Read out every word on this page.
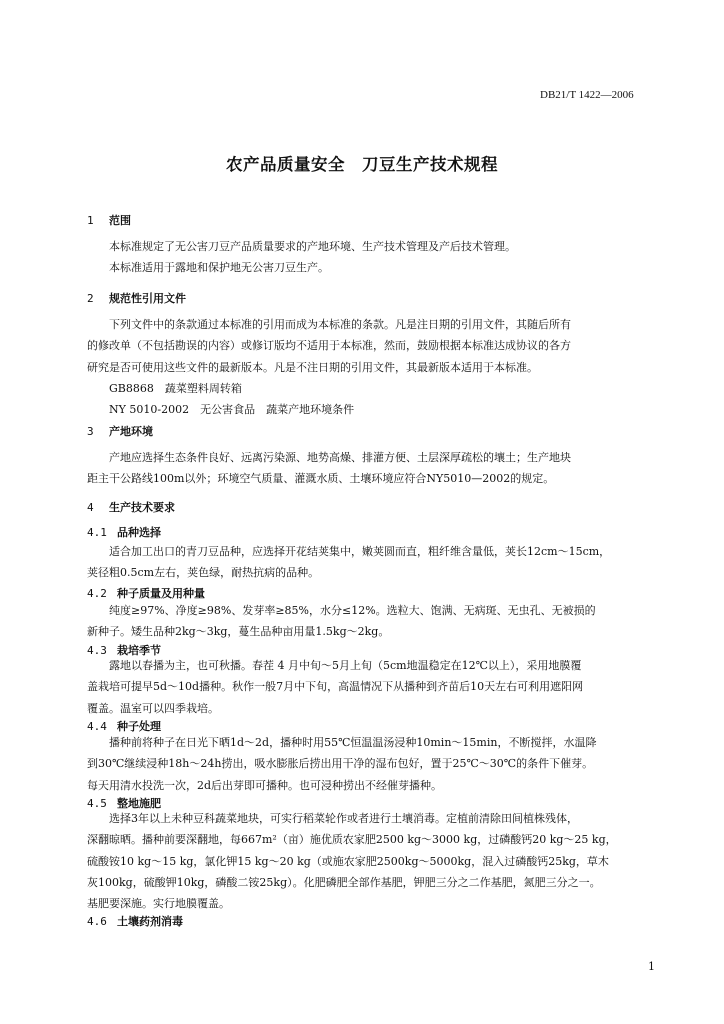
DB21/T 1422—2006
农产品质量安全　刀豆生产技术规程
1 范围
本标准规定了无公害刀豆产品质量要求的产地环境、生产技术管理及产后技术管理。
本标准适用于露地和保护地无公害刀豆生产。
2 规范性引用文件
下列文件中的条款通过本标准的引用而成为本标准的条款。凡是注日期的引用文件，其随后所有
的修改单（不包括勘误的内容）或修订版均不适用于本标准，然而，鼓励根据本标准达成协议的各方
研究是否可使用这些文件的最新版本。凡是不注日期的引用文件，其最新版本适用于本标准。
GB8868　蔬菜塑料周转箱
NY 5010-2002　无公害食品　蔬菜产地环境条件
3 产地环境
产地应选择生态条件良好、远离污染源、地势高燥、排灌方便、土层深厚疏松的壤土；生产地块
距主干公路线100m以外；环境空气质量、灌溉水质、土壤环境应符合NY5010—2002的规定。
4 生产技术要求
4.1 品种选择
适合加工出口的青刀豆品种，应选择开花结荚集中，嫩荚圆而直，粗纤维含量低，荚长12cm～15cm，
荚径粗0.5cm左右，荚色绿，耐热抗病的品种。
4.2 种子质量及用种量
纯度≥97%、净度≥98%、发芽率≥85%，水分≤12%。选粒大、饱满、无病斑、无虫孔、无被损的
新种子。矮生品种2kg～3kg，蔓生品种亩用量1.5kg～2kg。
4.3 栽培季节
露地以春播为主，也可秋播。春茬 4 月中旬～5月上旬（5cm地温稳定在12℃以上），采用地膜覆
盖栽培可提早5d～10d播种。秋作一般7月中下旬，高温情况下从播种到齐苗后10天左右可利用遮阳网
覆盖。温室可以四季栽培。
4.4 种子处理
播种前将种子在日光下晒1d～2d，播种时用55℃恒温温汤浸种10min～15min，不断搅拌，水温降
到30℃继续浸种18h～24h捞出，吸水膨胀后捞出用干净的湿布包好，置于25℃～30℃的条件下催芽。
每天用清水投洗一次，2d后出芽即可播种。也可浸种捞出不经催芽播种。
4.5 整地施肥
选择3年以上未种豆科蔬菜地块，可实行稻菜轮作或者进行土壤消毒。定植前清除田间植株残体，
深翻晾晒。播种前要深翻地，每667m²（亩）施优质农家肥2500 kg～3000 kg，过磷酸钙20 kg～25 kg，
硫酸铵10 kg～15 kg，氯化钾15 kg～20 kg（或施农家肥2500kg～5000kg，混入过磷酸钙25kg，草木
灰100kg，硫酸钾10kg，磷酸二铵25kg）。化肥磷肥全部作基肥，钾肥三分之二作基肥，氮肥三分之一。
基肥要深施。实行地膜覆盖。
4.6 土壤药剂消毒
1
